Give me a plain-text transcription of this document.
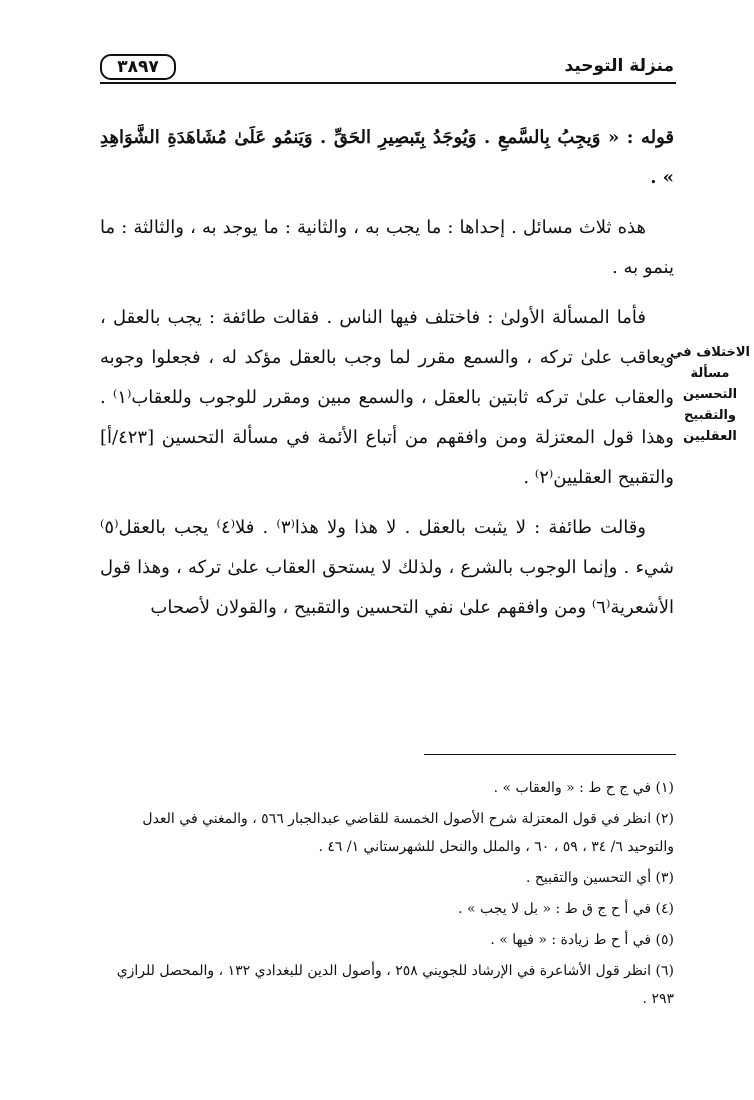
منزلة التوحيد
٣٨٩٧

قوله : « وَيجِبُ بِالسَّمعِ . وَيُوجَدُ بِتَبصِيرِ الحَقِّ . وَيَنمُو عَلَىٰ مُشَاهَدَةِ الشَّوَاهِدِ » .

هذه ثلاث مسائل . إحداها : ما يجب به ، والثانية : ما يوجد به ، والثالثة : ما ينمو به .

فأما المسألة الأولىٰ : فاختلف فيها الناس . فقالت طائفة : يجب بالعقل ، ويعاقب علىٰ تركه ، والسمع مقرر لما وجب بالعقل مؤكد له ، فجعلوا وجوبه والعقاب علىٰ تركه ثابتين بالعقل ، والسمع مبين ومقرر للوجوب وللعقاب⁽١⁾ . وهذا قول المعتزلة ومن وافقهم من أتباع الأئمة في مسألة التحسين [٤٢٣/أ] والتقبيح العقليين⁽٢⁾ .

وقالت طائفة : لا يثبت بالعقل . لا هذا ولا هذا⁽٣⁾ . فلا⁽٤⁾ يجب بالعقل⁽٥⁾ شيء . وإنما الوجوب بالشرع ، ولذلك لا يستحق العقاب علىٰ تركه ، وهذا قول الأشعرية⁽٦⁾ ومن وافقهم علىٰ نفي التحسين والتقبيح ، والقولان لأصحاب

الاختلاف في مسألة التحسين والتقبيح العقليين

(١) في ج ح ط : « والعقاب » .

(٢) انظر في قول المعتزلة شرح الأصول الخمسة للقاضي عبدالجبار ٥٦٦ ، والمغني في العدل والتوحيد ٦/ ٣٤ ، ٥٩ ، ٦٠ ، والملل والنحل للشهرستاني ١/ ٤٦ .

(٣) أي التحسين والتقبيح .

(٤) في أ ح ج ق ط : « بل لا يجب » .

(٥) في أ ح ط زيادة : « فيها » .

(٦) انظر قول الأشاعرة في الإرشاد للجويني ٢٥٨ ، وأصول الدين للبغدادي ١٣٢ ، والمحصل للرازي ٢٩٣ .
